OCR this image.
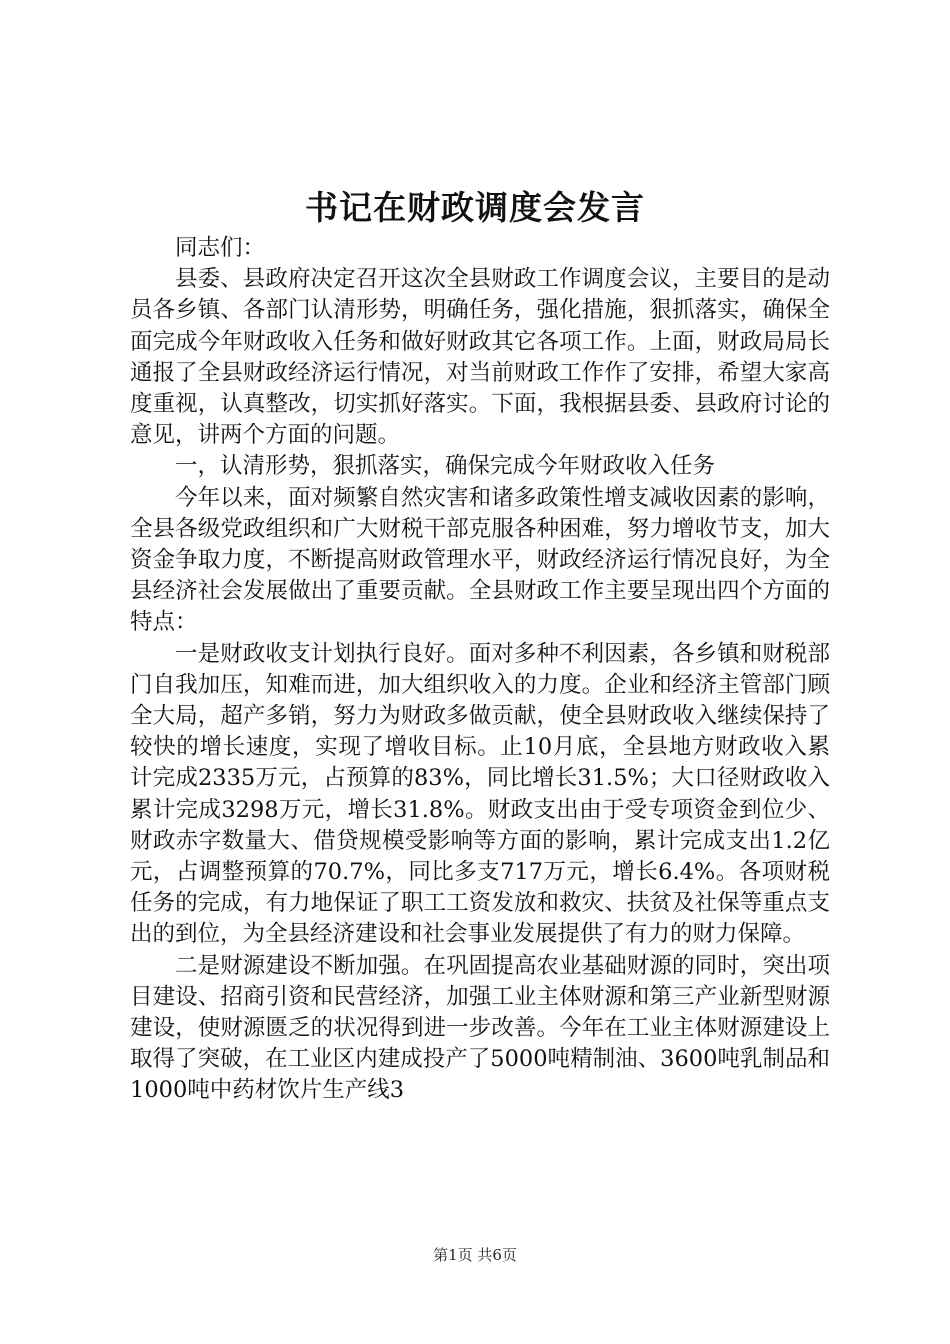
书记在财政调度会发言

同志们：

县委、县政府决定召开这次全县财政工作调度会议，主要目的是动员各乡镇、各部门认清形势，明确任务，强化措施，狠抓落实，确保全面完成今年财政收入任务和做好财政其它各项工作。上面，财政局局长通报了全县财政经济运行情况，对当前财政工作作了安排，希望大家高度重视，认真整改，切实抓好落实。下面，我根据县委、县政府讨论的意见，讲两个方面的问题。

一，认清形势，狠抓落实，确保完成今年财政收入任务

今年以来，面对频繁自然灾害和诸多政策性增支减收因素的影响，全县各级党政组织和广大财税干部克服各种困难，努力增收节支，加大资金争取力度，不断提高财政管理水平，财政经济运行情况良好，为全县经济社会发展做出了重要贡献。全县财政工作主要呈现出四个方面的特点：

一是财政收支计划执行良好。面对多种不利因素，各乡镇和财税部门自我加压，知难而进，加大组织收入的力度。企业和经济主管部门顾全大局，超产多销，努力为财政多做贡献，使全县财政收入继续保持了较快的增长速度，实现了增收目标。止10月底，全县地方财政收入累计完成2335万元，占预算的83%，同比增长31.5%；大口径财政收入累计完成3298万元，增长31.8%。财政支出由于受专项资金到位少、财政赤字数量大、借贷规模受影响等方面的影响，累计完成支出1.2亿元，占调整预算的70.7%，同比多支717万元，增长6.4%。各项财税任务的完成，有力地保证了职工工资发放和救灾、扶贫及社保等重点支出的到位，为全县经济建设和社会事业发展提供了有力的财力保障。

二是财源建设不断加强。在巩固提高农业基础财源的同时，突出项目建设、招商引资和民营经济，加强工业主体财源和第三产业新型财源建设，使财源匮乏的状况得到进一步改善。今年在工业主体财源建设上取得了突破，在工业区内建成投产了5000吨精制油、3600吨乳制品和1000吨中药材饮片生产线3

第1页 共6页
